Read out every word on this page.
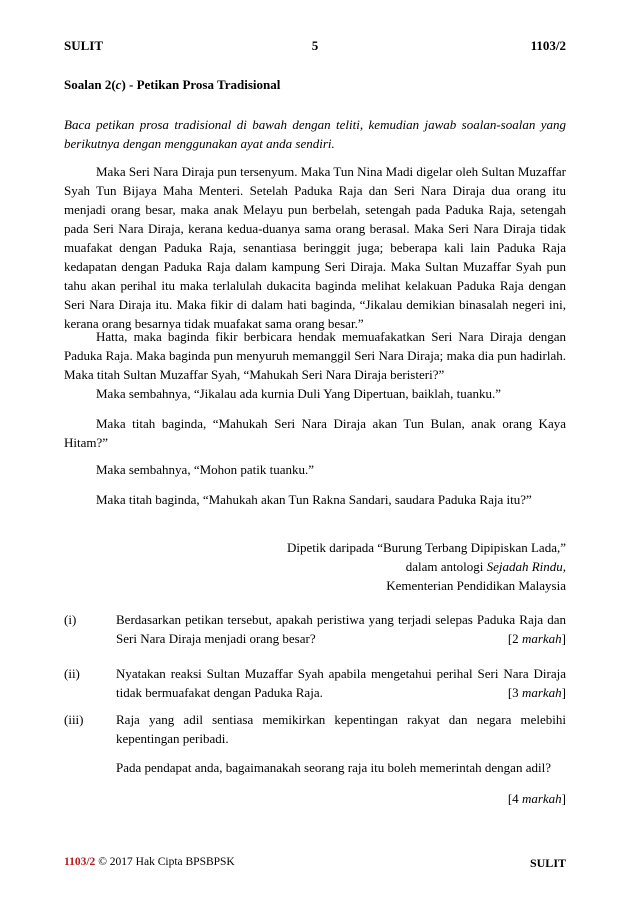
SULIT	5	1103/2
Soalan 2(c) - Petikan Prosa Tradisional
Baca petikan prosa tradisional di bawah dengan teliti, kemudian jawab soalan-soalan yang berikutnya dengan menggunakan ayat anda sendiri.

Maka Seri Nara Diraja pun tersenyum. Maka Tun Nina Madi digelar oleh Sultan Muzaffar Syah Tun Bijaya Maha Menteri. Setelah Paduka Raja dan Seri Nara Diraja dua orang itu menjadi orang besar, maka anak Melayu pun berbelah, setengah pada Paduka Raja, setengah pada Seri Nara Diraja, kerana kedua-duanya sama orang berasal. Maka Seri Nara Diraja tidak muafakat dengan Paduka Raja, senantiasa beringgit juga; beberapa kali lain Paduka Raja kedapatan dengan Paduka Raja dalam kampung Seri Diraja. Maka Sultan Muzaffar Syah pun tahu akan perihal itu maka terlalulah dukacita baginda melihat kelakuan Paduka Raja dengan Seri Nara Diraja itu. Maka fikir di dalam hati baginda, “Jikalau demikian binasalah negeri ini, kerana orang besarnya tidak muafakat sama orang besar.”

Hatta, maka baginda fikir berbicara hendak memuafakatkan Seri Nara Diraja dengan Paduka Raja. Maka baginda pun menyuruh memanggil Seri Nara Diraja; maka dia pun hadirlah. Maka titah Sultan Muzaffar Syah, “Mahukah Seri Nara Diraja beristeri?”

Maka sembahnya, “Jikalau ada kurnia Duli Yang Dipertuan, baiklah, tuanku.”

Maka titah baginda, “Mahukah Seri Nara Diraja akan Tun Bulan, anak orang Kaya Hitam?”

Maka sembahnya, “Mohon patik tuanku.”

Maka titah baginda, “Mahukah akan Tun Rakna Sandari, saudara Paduka Raja itu?”

Dipetik daripada “Burung Terbang Dipipiskan Lada,”
dalam antologi Sejadah Rindu,
Kementerian Pendidikan Malaysia
(i)	Berdasarkan petikan tersebut, apakah peristiwa yang terjadi selepas Paduka Raja dan Seri Nara Diraja menjadi orang besar?	[2 markah]
(ii)	Nyatakan reaksi Sultan Muzaffar Syah apabila mengetahui perihal Seri Nara Diraja tidak bermuafakat dengan Paduka Raja.	[3 markah]
(iii)	Raja yang adil sentiasa memikirkan kepentingan rakyat dan negara melebihi kepentingan peribadi.
Pada pendapat anda, bagaimanakah seorang raja itu boleh memerintah dengan adil?
[4 markah]
1103/2 © 2017 Hak Cipta BPSBPSK	SULIT
